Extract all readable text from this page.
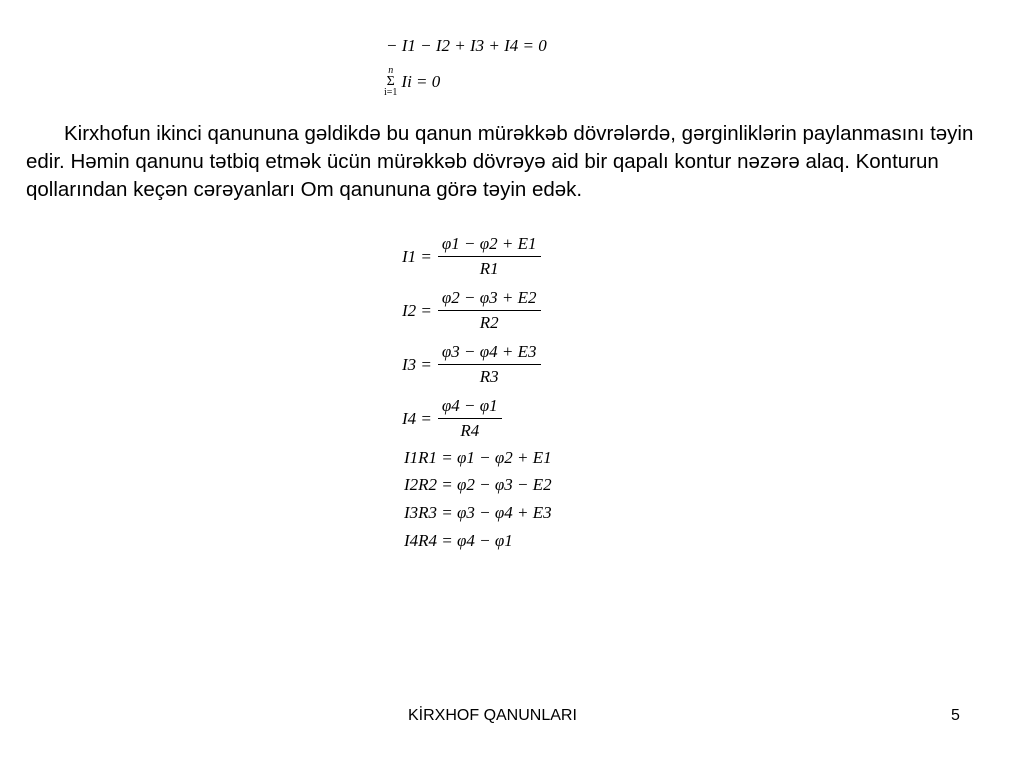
− I1 − I2 + I3 + I4 = 0
n
Σ
i=1
Ii = 0

Kirxhofun ikinci qanununa gəldikdə bu qanun mürəkkəb dövrələrdə, gərginliklərin paylanmasını təyin edir. Həmin qanunu tətbiq etmək ücün mürəkkəb dövrəyə aid bir qapalı kontur nəzərə alaq. Konturun qollarından keçən cərəyanları Om qanununa görə təyin edək.

$I1 = \frac{\varphi 1 - \varphi 2 + E1}{R1}$
$I2 = \frac{\varphi 2 - \varphi 3 + E2}{R2}$
$I3 = \frac{\varphi 3 - \varphi 4 + E3}{R3}$
$I4 = \frac{\varphi 4 - \varphi 1}{R4}$
I1R1 = φ1 − φ2 + E1
I2R2 = φ2 − φ3 − E2
I3R3 = φ3 − φ4 + E3
I4R4 = φ4 − φ1
KİRXHOF QANUNLARI	5
